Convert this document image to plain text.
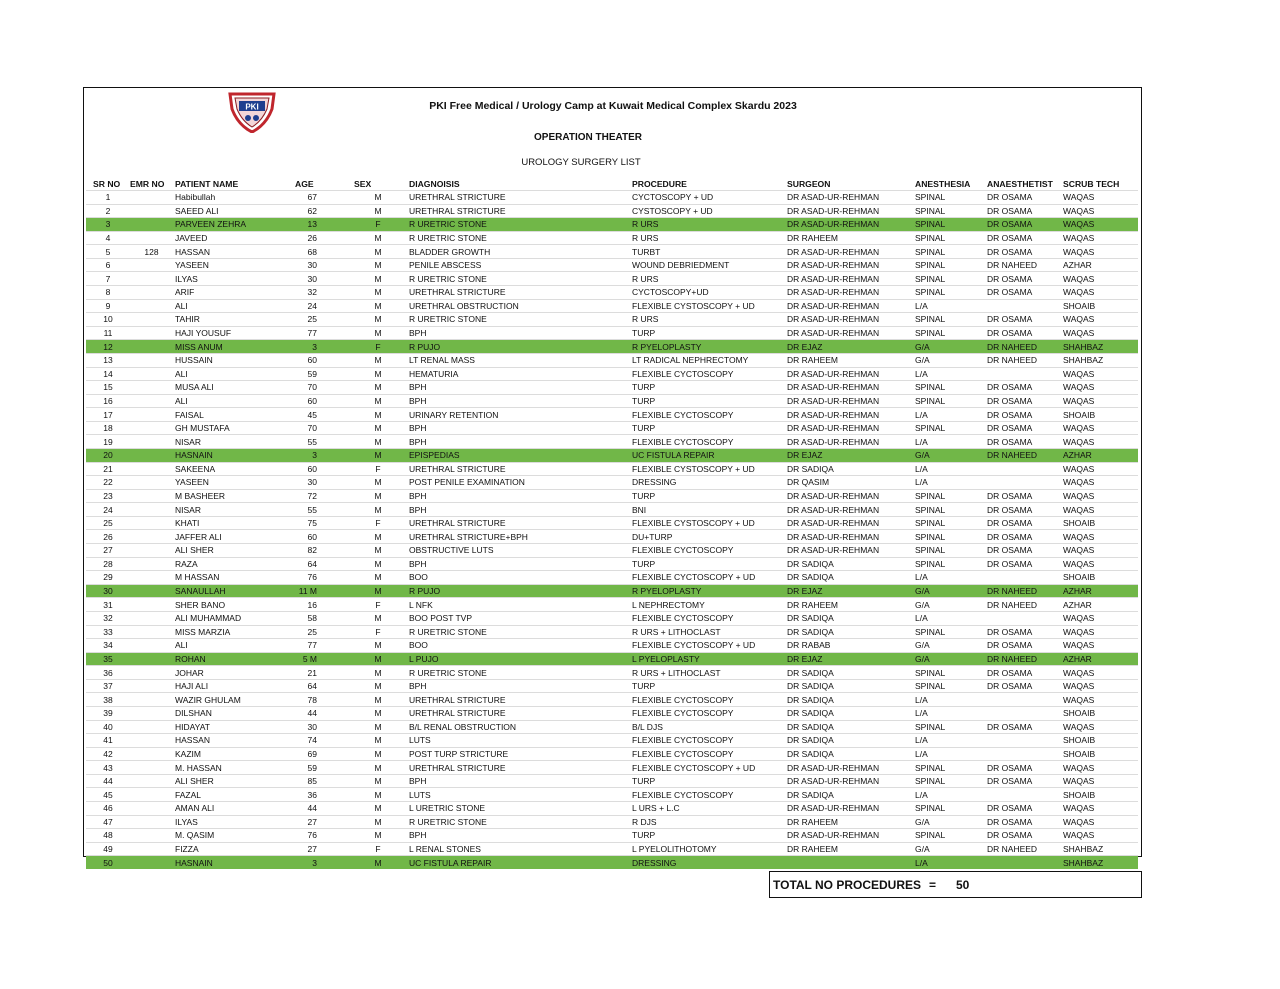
PKI	PKI Free Medical / Urology Camp at Kuwait Medical Complex Skardu 2023
OPERATION THEATER
UROLOGY SURGERY LIST
SR NO	EMR NO	PATIENT NAME	AGE	SEX	DIAGNOISIS	PROCEDURE	SURGEON	ANESTHESIA	ANAESTHETIST	SCRUB TECH
1		Habibullah	67	M	URETHRAL STRICTURE	CYCTOSCOPY + UD	DR ASAD-UR-REHMAN	SPINAL	DR OSAMA	WAQAS
2		SAEED ALI	62	M	URETHRAL STRICTURE	CYSTOSCOPY + UD	DR ASAD-UR-REHMAN	SPINAL	DR OSAMA	WAQAS
3		PARVEEN ZEHRA	13	F	R URETRIC STONE	R URS	DR ASAD-UR-REHMAN	SPINAL	DR OSAMA	WAQAS
4		JAVEED	26	M	R URETRIC STONE	R URS	DR RAHEEM	SPINAL	DR OSAMA	WAQAS
5	128	HASSAN	68	M	BLADDER GROWTH	TURBT	DR ASAD-UR-REHMAN	SPINAL	DR OSAMA	WAQAS
6		YASEEN	30	M	PENILE ABSCESS	WOUND DEBRIEDMENT	DR ASAD-UR-REHMAN	SPINAL	DR NAHEED	AZHAR
7		ILYAS	30	M	R URETRIC STONE	R URS	DR ASAD-UR-REHMAN	SPINAL	DR OSAMA	WAQAS
8		ARIF	32	M	URETHRAL STRICTURE	CYCTOSCOPY+UD	DR ASAD-UR-REHMAN	SPINAL	DR OSAMA	WAQAS
9		ALI	24	M	URETHRAL OBSTRUCTION	FLEXIBLE CYSTOSCOPY + UD	DR ASAD-UR-REHMAN	L/A		SHOAIB
10		TAHIR	25	M	R URETRIC STONE	R URS	DR ASAD-UR-REHMAN	SPINAL	DR OSAMA	WAQAS
11		HAJI YOUSUF	77	M	BPH	TURP	DR ASAD-UR-REHMAN	SPINAL	DR OSAMA	WAQAS
12		MISS ANUM	3	F	R PUJO	R PYELOPLASTY	DR EJAZ	G/A	DR NAHEED	SHAHBAZ
13		HUSSAIN	60	M	LT RENAL MASS	LT RADICAL NEPHRECTOMY	DR RAHEEM	G/A	DR NAHEED	SHAHBAZ
14		ALI	59	M	HEMATURIA	FLEXIBLE CYCTOSCOPY	DR ASAD-UR-REHMAN	L/A		WAQAS
15		MUSA ALI	70	M	BPH	TURP	DR ASAD-UR-REHMAN	SPINAL	DR OSAMA	WAQAS
16		ALI	60	M	BPH	TURP	DR ASAD-UR-REHMAN	SPINAL	DR OSAMA	WAQAS
17		FAISAL	45	M	URINARY RETENTION	FLEXIBLE CYCTOSCOPY	DR ASAD-UR-REHMAN	L/A	DR OSAMA	SHOAIB
18		GH MUSTAFA	70	M	BPH	TURP	DR ASAD-UR-REHMAN	SPINAL	DR OSAMA	WAQAS
19		NISAR	55	M	BPH	FLEXIBLE CYCTOSCOPY	DR ASAD-UR-REHMAN	L/A	DR OSAMA	WAQAS
20		HASNAIN	3	M	EPISPEDIAS	UC FISTULA REPAIR	DR EJAZ	G/A	DR NAHEED	AZHAR
21		SAKEENA	60	F	URETHRAL STRICTURE	FLEXIBLE CYSTOSCOPY + UD	DR SADIQA	L/A		WAQAS
22		YASEEN	30	M	POST PENILE EXAMINATION	DRESSING	DR QASIM	L/A		WAQAS
23		M BASHEER	72	M	BPH	TURP	DR ASAD-UR-REHMAN	SPINAL	DR OSAMA	WAQAS
24		NISAR	55	M	BPH	BNI	DR ASAD-UR-REHMAN	SPINAL	DR OSAMA	WAQAS
25		KHATI	75	F	URETHRAL STRICTURE	FLEXIBLE CYSTOSCOPY + UD	DR ASAD-UR-REHMAN	SPINAL	DR OSAMA	SHOAIB
26		JAFFER ALI	60	M	URETHRAL STRICTURE+BPH	DU+TURP	DR ASAD-UR-REHMAN	SPINAL	DR OSAMA	WAQAS
27		ALI SHER	82	M	OBSTRUCTIVE LUTS	FLEXIBLE CYCTOSCOPY	DR ASAD-UR-REHMAN	SPINAL	DR OSAMA	WAQAS
28		RAZA	64	M	BPH	TURP	DR SADIQA	SPINAL	DR OSAMA	WAQAS
29		M HASSAN	76	M	BOO	FLEXIBLE CYCTOSCOPY + UD	DR SADIQA	L/A		SHOAIB
30		SANAULLAH	11 M	M	R PUJO	R PYELOPLASTY	DR EJAZ	G/A	DR NAHEED	AZHAR
31		SHER BANO	16	F	L NFK	L NEPHRECTOMY	DR RAHEEM	G/A	DR NAHEED	AZHAR
32		ALI MUHAMMAD	58	M	BOO POST TVP	FLEXIBLE CYCTOSCOPY	DR SADIQA	L/A		WAQAS
33		MISS MARZIA	25	F	R URETRIC STONE	R URS + LITHOCLAST	DR SADIQA	SPINAL	DR OSAMA	WAQAS
34		ALI	77	M	BOO	FLEXIBLE CYCTOSCOPY + UD	DR RABAB	G/A	DR OSAMA	WAQAS
35		ROHAN	5 M	M	L PUJO	L PYELOPLASTY	DR EJAZ	G/A	DR NAHEED	AZHAR
36		JOHAR	21	M	R URETRIC STONE	R URS + LITHOCLAST	DR SADIQA	SPINAL	DR OSAMA	WAQAS
37		HAJI ALI	64	M	BPH	TURP	DR SADIQA	SPINAL	DR OSAMA	WAQAS
38		WAZIR GHULAM	78	M	URETHRAL STRICTURE	FLEXIBLE CYCTOSCOPY	DR SADIQA	L/A		WAQAS
39		DILSHAN	44	M	URETHRAL STRICTURE	FLEXIBLE CYCTOSCOPY	DR SADIQA	L/A		SHOAIB
40		HIDAYAT	30	M	B/L RENAL OBSTRUCTION	B/L DJS	DR SADIQA	SPINAL	DR OSAMA	WAQAS
41		HASSAN	74	M	LUTS	FLEXIBLE CYCTOSCOPY	DR SADIQA	L/A		SHOAIB
42		KAZIM	69	M	POST TURP STRICTURE	FLEXIBLE CYCTOSCOPY	DR SADIQA	L/A		SHOAIB
43		M. HASSAN	59	M	URETHRAL STRICTURE	FLEXIBLE CYCTOSCOPY + UD	DR ASAD-UR-REHMAN	SPINAL	DR OSAMA	WAQAS
44		ALI SHER	85	M	BPH	TURP	DR ASAD-UR-REHMAN	SPINAL	DR OSAMA	WAQAS
45		FAZAL	36	M	LUTS	FLEXIBLE CYCTOSCOPY	DR SADIQA	L/A		SHOAIB
46		AMAN ALI	44	M	L URETRIC STONE	L URS + L.C	DR ASAD-UR-REHMAN	SPINAL	DR OSAMA	WAQAS
47		ILYAS	27	M	R URETRIC STONE	R DJS	DR RAHEEM	G/A	DR OSAMA	WAQAS
48		M. QASIM	76	M	BPH	TURP	DR ASAD-UR-REHMAN	SPINAL	DR OSAMA	WAQAS
49		FIZZA	27	F	L RENAL STONES	L PYELOLITHOTOMY	DR RAHEEM	G/A	DR NAHEED	SHAHBAZ
50		HASNAIN	3	M	UC FISTULA REPAIR	DRESSING		L/A		SHAHBAZ
TOTAL NO PROCEDURES = 50
